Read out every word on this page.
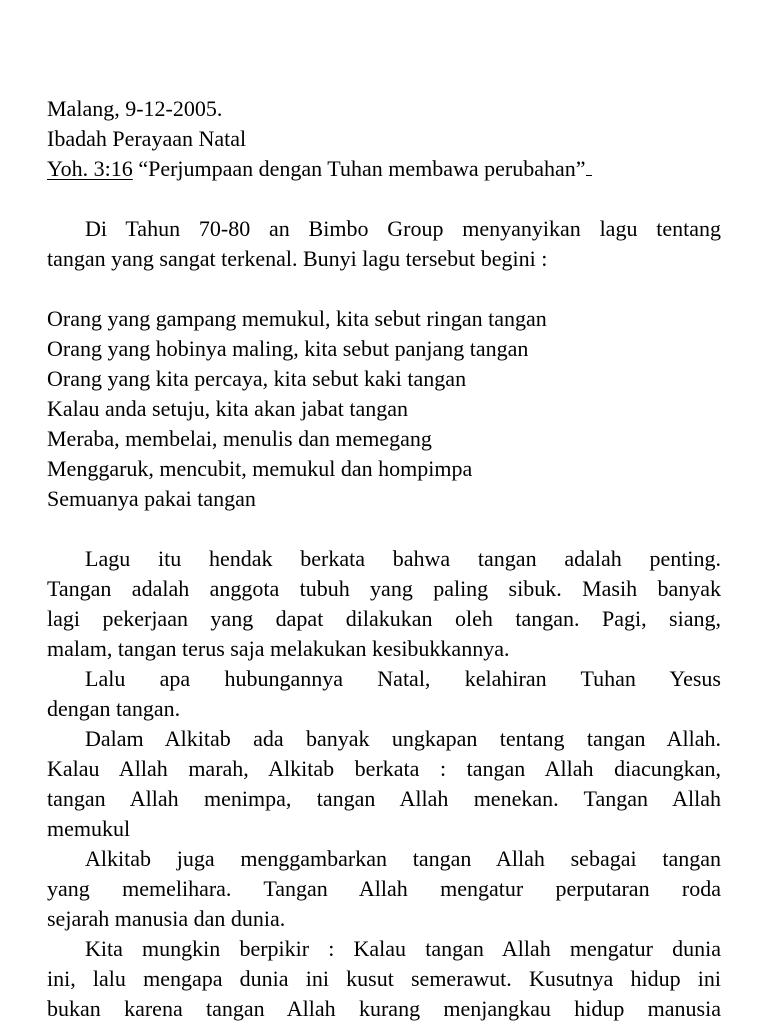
Malang, 9-12-2005.
Ibadah Perayaan Natal
Yoh. 3:16 “Perjumpaan dengan Tuhan membawa perubahan”
Di Tahun 70-80 an Bimbo Group menyanyikan lagu tentang
tangan yang sangat terkenal. Bunyi lagu tersebut begini :
Orang yang gampang memukul, kita sebut ringan tangan
Orang yang hobinya maling, kita sebut panjang tangan
Orang yang kita percaya, kita sebut kaki tangan
Kalau anda setuju, kita akan jabat tangan
Meraba, membelai, menulis dan memegang
Menggaruk, mencubit, memukul dan hompimpa
Semuanya pakai tangan
Lagu itu hendak berkata bahwa tangan adalah penting.
Tangan adalah anggota tubuh yang paling sibuk. Masih banyak
lagi pekerjaan yang dapat dilakukan oleh tangan. Pagi, siang,
malam, tangan terus saja melakukan kesibukkannya.
Lalu apa hubungannya Natal, kelahiran Tuhan Yesus
dengan tangan.
Dalam Alkitab ada banyak ungkapan tentang tangan Allah.
Kalau Allah marah, Alkitab berkata : tangan Allah diacungkan,
tangan Allah menimpa, tangan Allah menekan. Tangan Allah
memukul
Alkitab juga menggambarkan tangan Allah sebagai tangan
yang memelihara. Tangan Allah mengatur perputaran roda
sejarah manusia dan dunia.
Kita mungkin berpikir : Kalau tangan Allah mengatur dunia
ini, lalu mengapa dunia ini kusut semerawut. Kusutnya hidup ini
bukan karena tangan Allah kurang menjangkau hidup manusia
